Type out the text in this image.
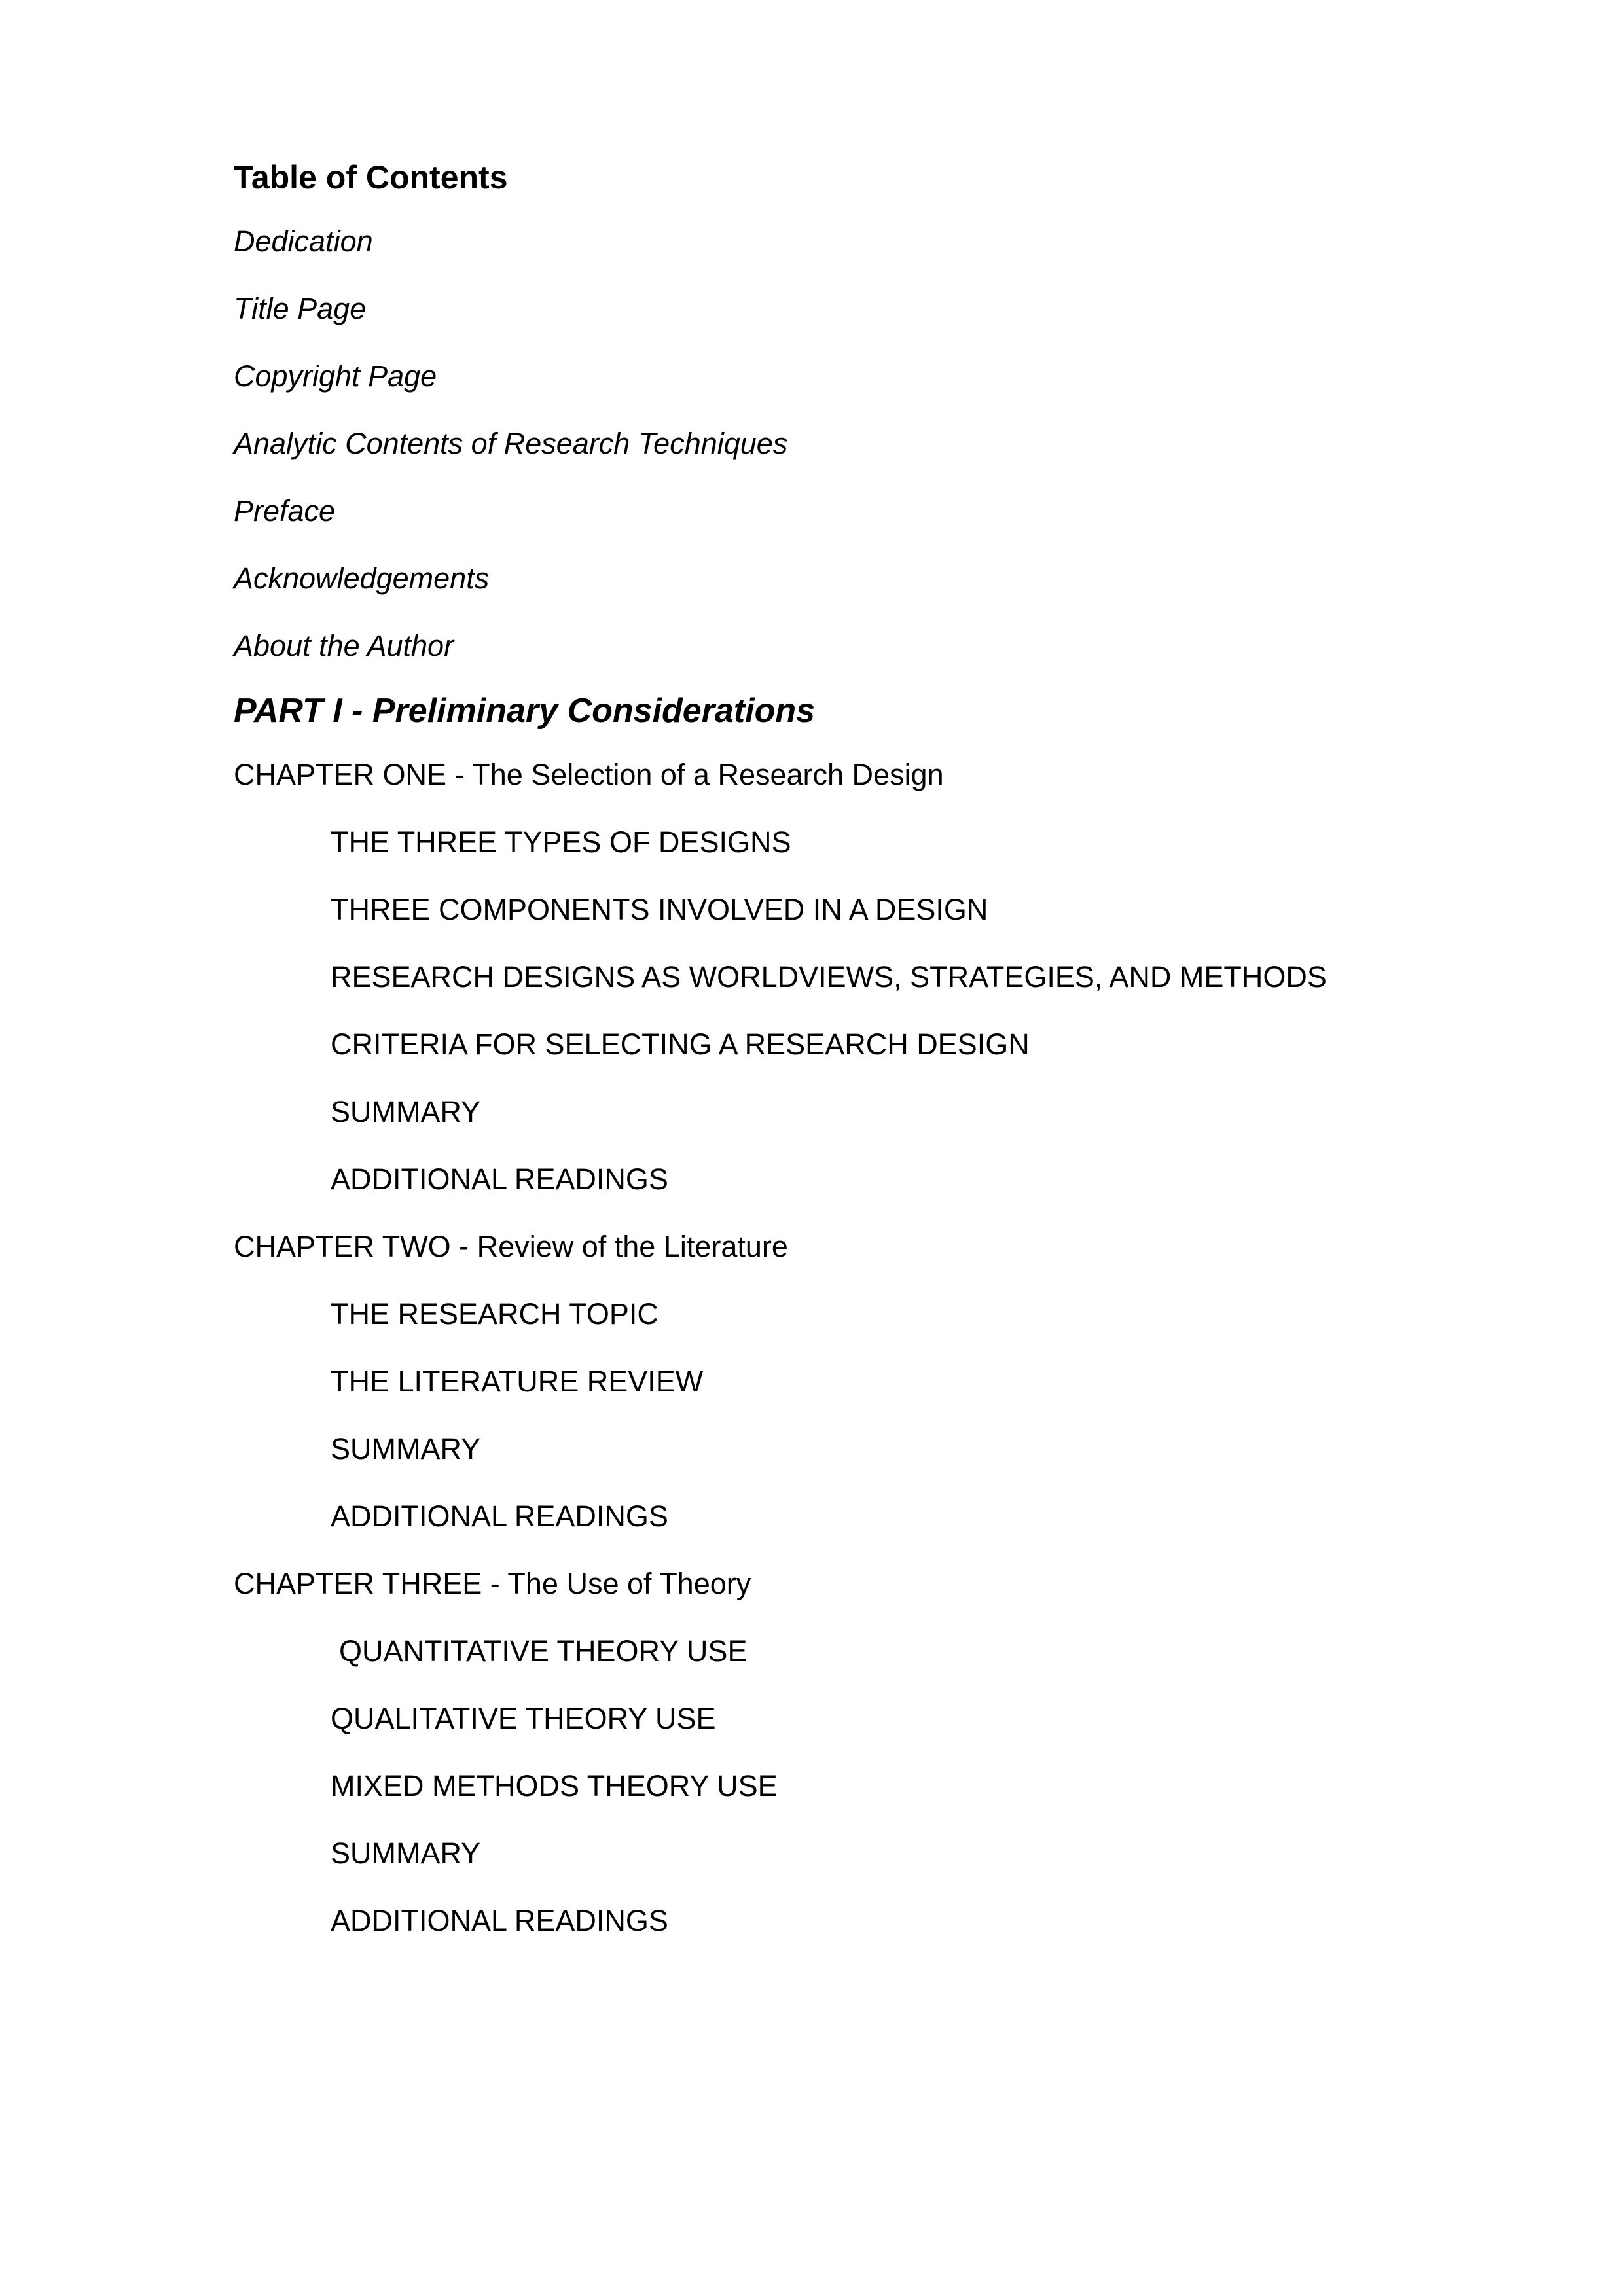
Table of Contents
Dedication
Title Page
Copyright Page
Analytic Contents of Research Techniques
Preface
Acknowledgements
About the Author
PART I - Preliminary Considerations
CHAPTER ONE - The Selection of a Research Design
THE THREE TYPES OF DESIGNS
THREE COMPONENTS INVOLVED IN A DESIGN
RESEARCH DESIGNS AS WORLDVIEWS, STRATEGIES, AND METHODS
CRITERIA FOR SELECTING A RESEARCH DESIGN
SUMMARY
ADDITIONAL READINGS
CHAPTER TWO - Review of the Literature
THE RESEARCH TOPIC
THE LITERATURE REVIEW
SUMMARY
ADDITIONAL READINGS
CHAPTER THREE - The Use of Theory
QUANTITATIVE THEORY USE
QUALITATIVE THEORY USE
MIXED METHODS THEORY USE
SUMMARY
ADDITIONAL READINGS
